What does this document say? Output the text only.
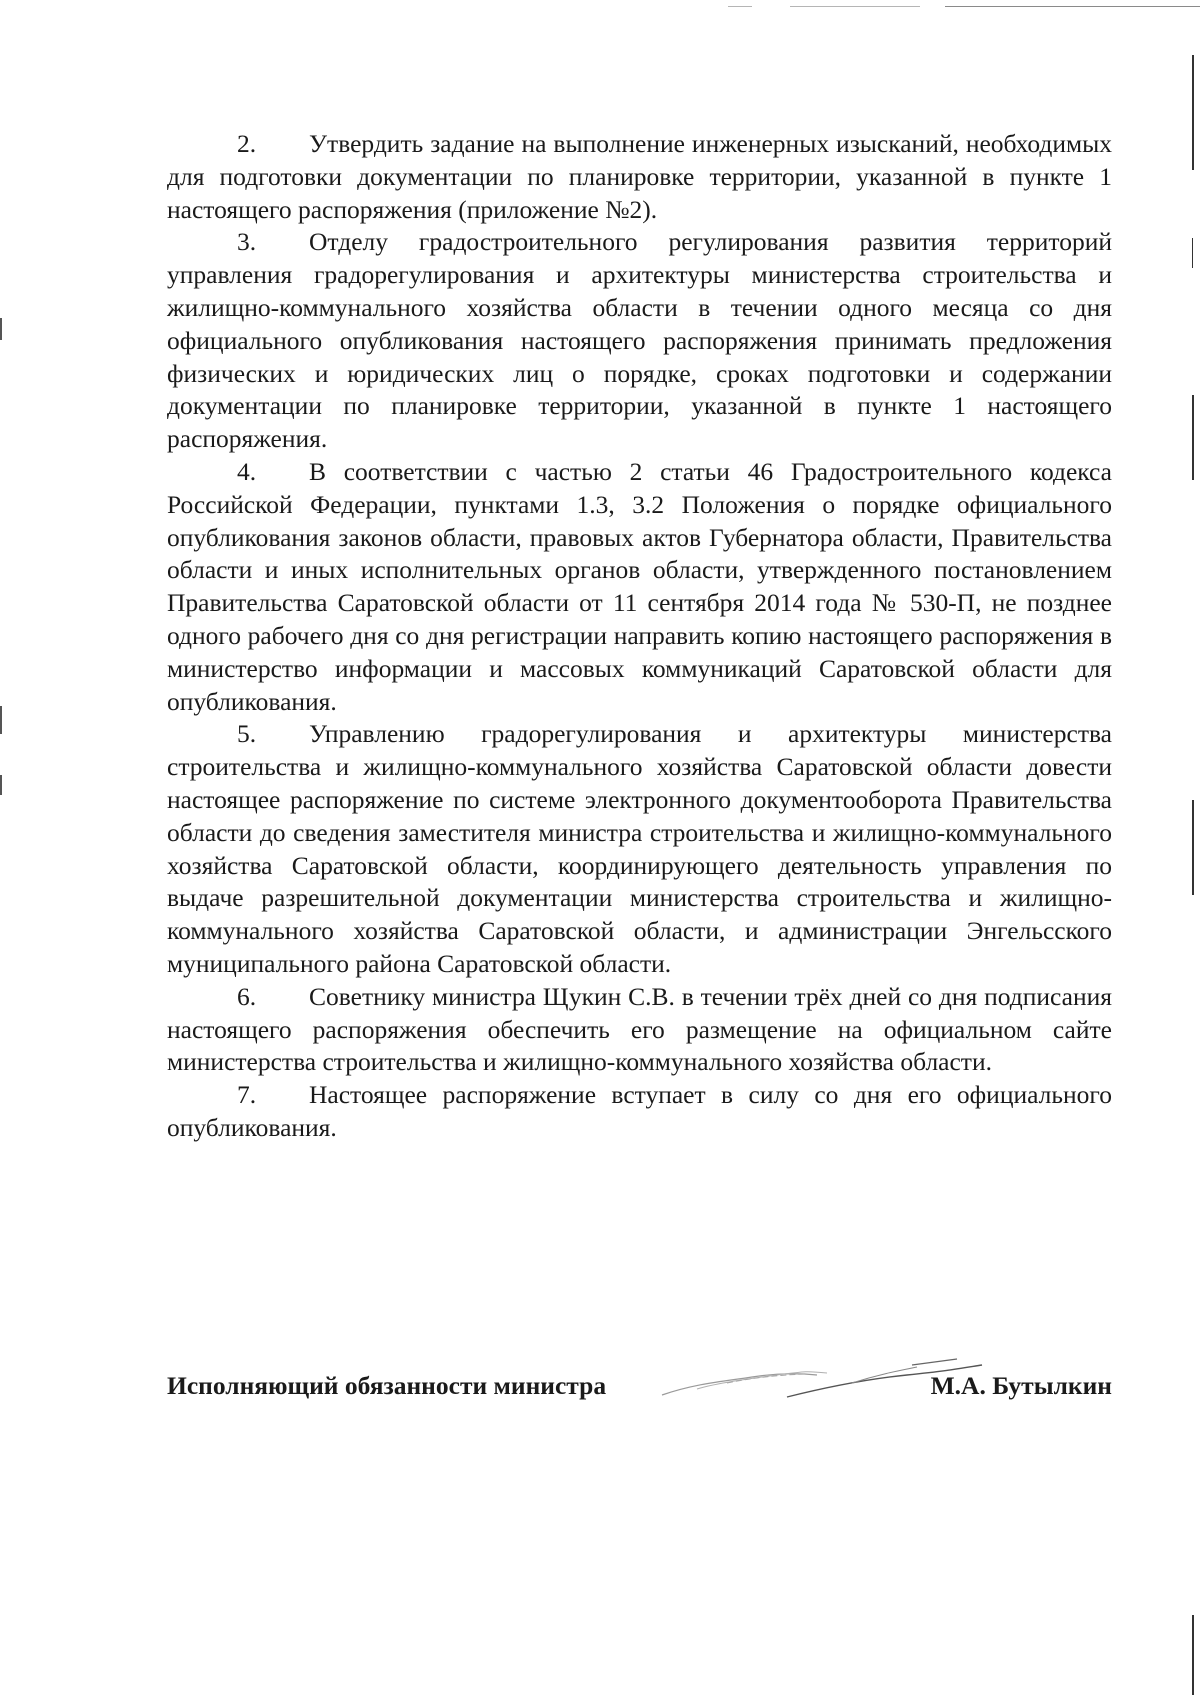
2. Утвердить задание на выполнение инженерных изысканий, необходимых для подготовки документации по планировке территории, указанной в пункте 1 настоящего распоряжения (приложение №2).

3. Отделу градостроительного регулирования развития территорий управления градорегулирования и архитектуры министерства строительства и жилищно-коммунального хозяйства области в течении одного месяца со дня официального опубликования настоящего распоряжения принимать предложения физических и юридических лиц о порядке, сроках подготовки и содержании документации по планировке территории, указанной в пункте 1 настоящего распоряжения.

4. В соответствии с частью 2 статьи 46 Градостроительного кодекса Российской Федерации, пунктами 1.3, 3.2 Положения о порядке официального опубликования законов области, правовых актов Губернатора области, Правительства области и иных исполнительных органов области, утвержденного постановлением Правительства Саратовской области от 11 сентября 2014 года № 530-П, не позднее одного рабочего дня со дня регистрации направить копию настоящего распоряжения в министерство информации и массовых коммуникаций Саратовской области для опубликования.

5. Управлению градорегулирования и архитектуры министерства строительства и жилищно-коммунального хозяйства Саратовской области довести настоящее распоряжение по системе электронного документооборота Правительства области до сведения заместителя министра строительства и жилищно-коммунального хозяйства Саратовской области, координирующего деятельность управления по выдаче разрешительной документации министерства строительства и жилищно-коммунального хозяйства Саратовской области, и администрации Энгельсского муниципального района Саратовской области.

6. Советнику министра Щукин С.В. в течении трёх дней со дня подписания настоящего распоряжения обеспечить его размещение на официальном сайте министерства строительства и жилищно-коммунального хозяйства области.

7. Настоящее распоряжение вступает в силу со дня его официального опубликования.

Исполняющий обязанности министра	М.А. Бутылкин
